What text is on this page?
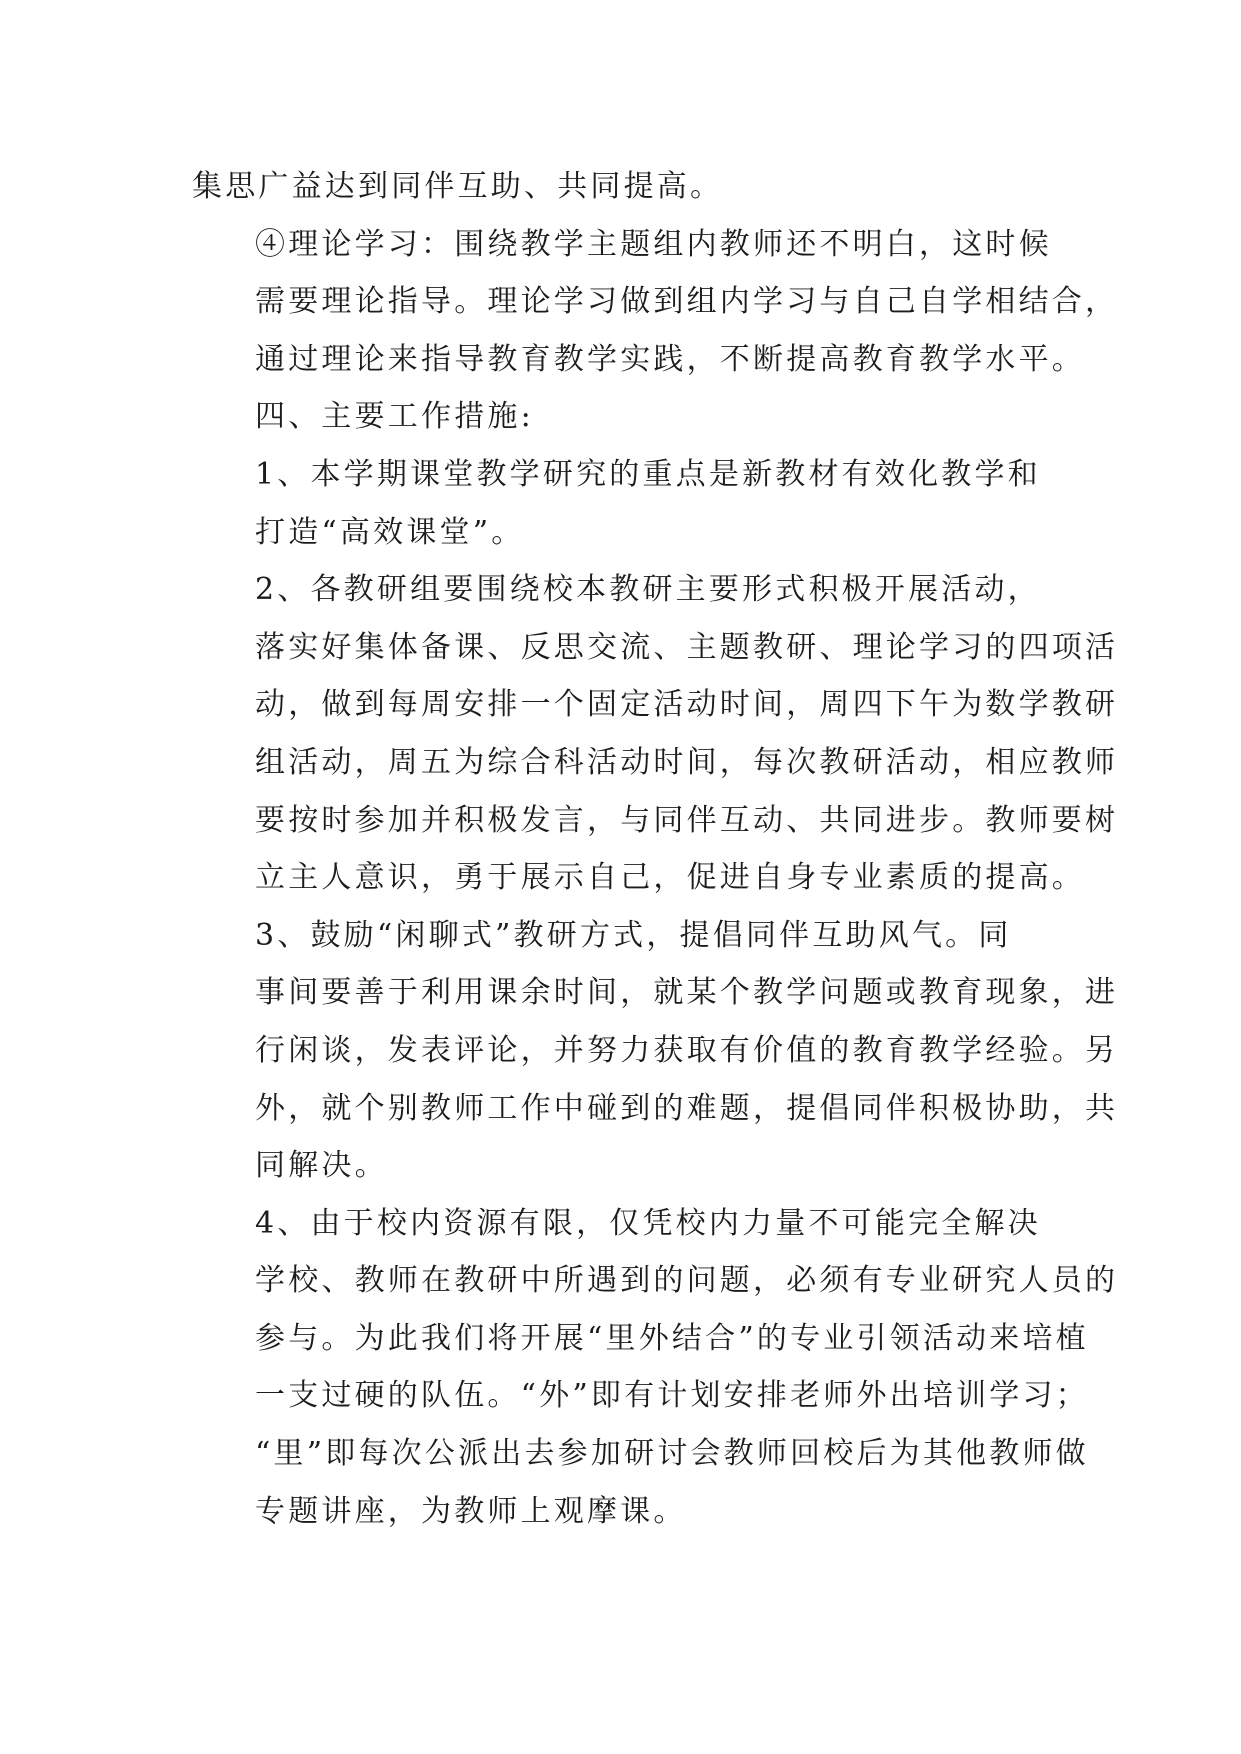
集思广益达到同伴互助、共同提高。
④理论学习：围绕教学主题组内教师还不明白，这时候
需要理论指导。理论学习做到组内学习与自己自学相结合，
通过理论来指导教育教学实践，不断提高教育教学水平。
四、主要工作措施:
1、本学期课堂教学研究的重点是新教材有效化教学和
打造“高效课堂”。
2、各教研组要围绕校本教研主要形式积极开展活动，
落实好集体备课、反思交流、主题教研、理论学习的四项活
动，做到每周安排一个固定活动时间，周四下午为数学教研
组活动，周五为综合科活动时间，每次教研活动，相应教师
要按时参加并积极发言，与同伴互动、共同进步。教师要树
立主人意识，勇于展示自己，促进自身专业素质的提高。
3、鼓励“闲聊式”教研方式，提倡同伴互助风气。同
事间要善于利用课余时间，就某个教学问题或教育现象，进
行闲谈，发表评论，并努力获取有价值的教育教学经验。另
外，就个别教师工作中碰到的难题，提倡同伴积极协助，共
同解决。
4、由于校内资源有限，仅凭校内力量不可能完全解决
学校、教师在教研中所遇到的问题，必须有专业研究人员的
参与。为此我们将开展“里外结合”的专业引领活动来培植
一支过硬的队伍。“外”即有计划安排老师外出培训学习；
“里”即每次公派出去参加研讨会教师回校后为其他教师做
专题讲座，为教师上观摩课。
